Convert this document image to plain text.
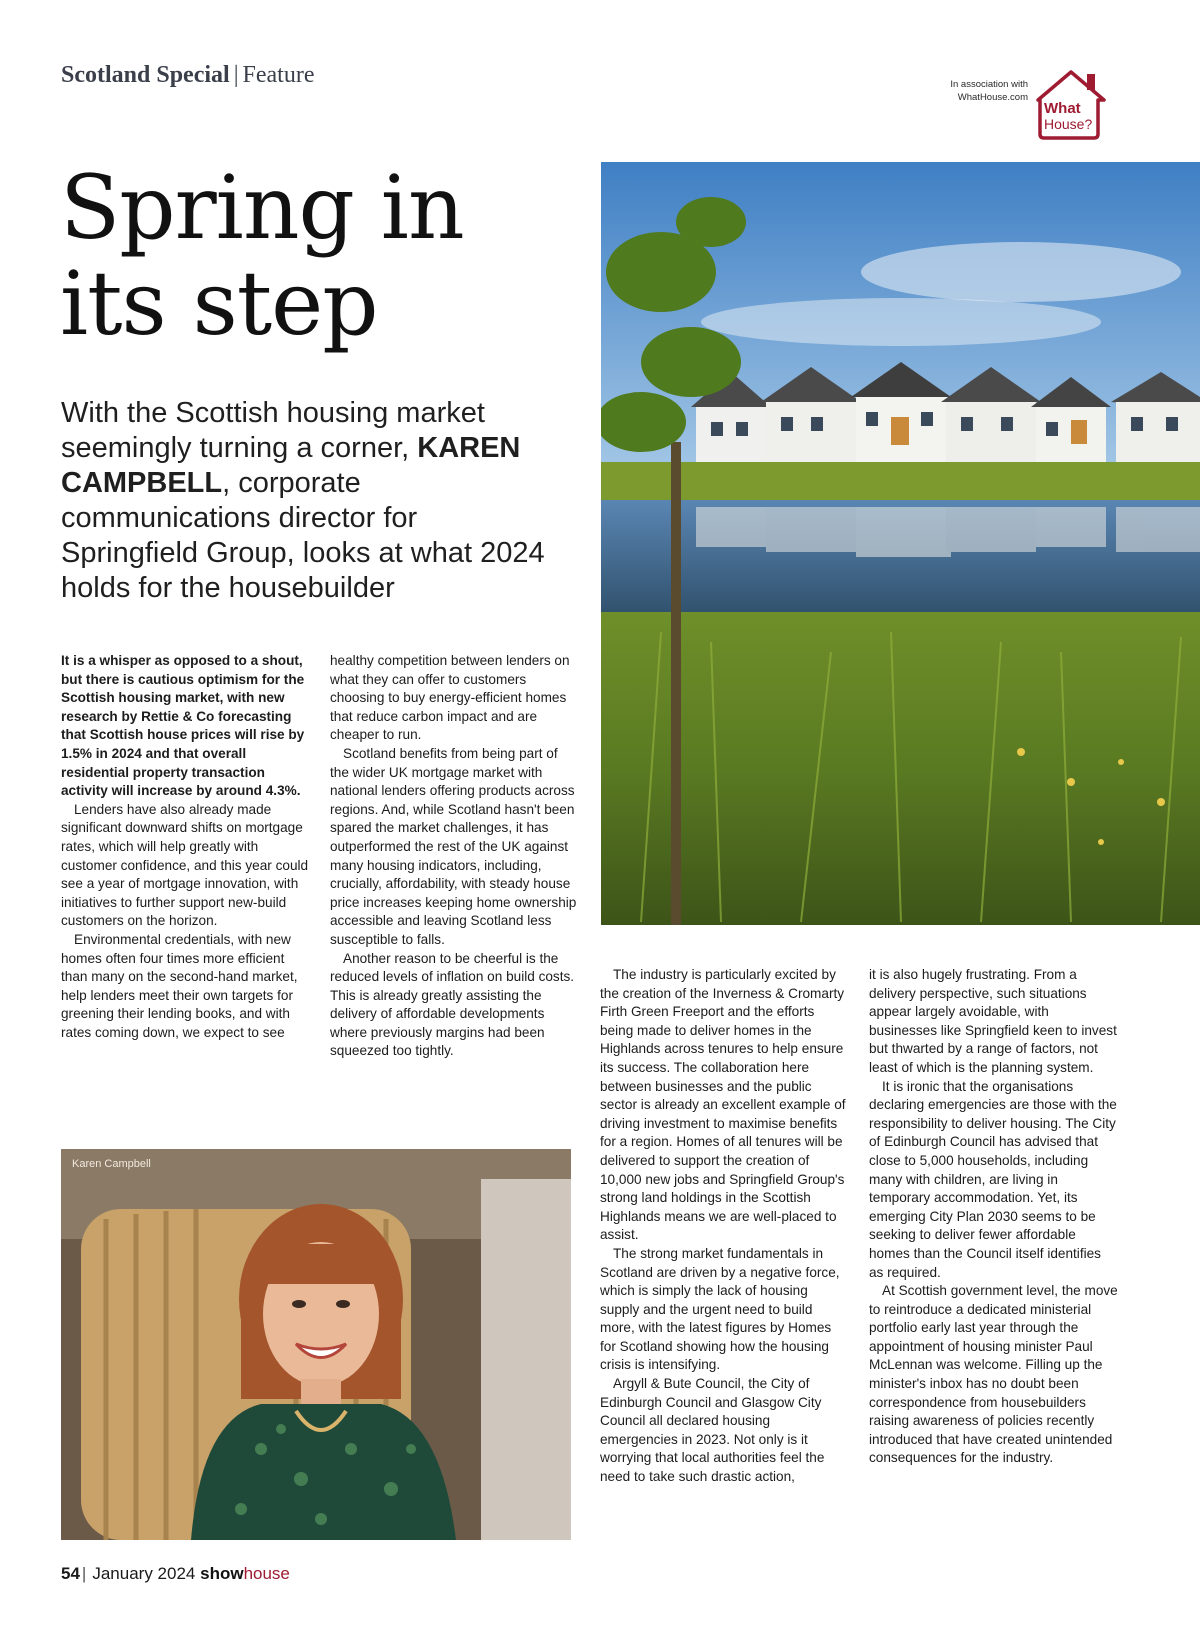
Scotland Special | Feature	In association with
WhatHouse.com
What
House?
Spring in
its step
With the Scottish housing market seemingly turning a corner, KAREN CAMPBELL, corporate communications director for Springfield Group, looks at what 2024 holds for the housebuilder

It is a whisper as opposed to a shout, but there is cautious optimism for the Scottish housing market, with new research by Rettie & Co forecasting that Scottish house prices will rise by 1.5% in 2024 and that overall residential property transaction activity will increase by around 4.3%.

Lenders have also already made significant downward shifts on mortgage rates, which will help greatly with customer confidence, and this year could see a year of mortgage innovation, with initiatives to further support new-build customers on the horizon.

Environmental credentials, with new homes often four times more efficient than many on the second-hand market, help lenders meet their own targets for greening their lending books, and with rates coming down, we expect to see

healthy competition between lenders on what they can offer to customers choosing to buy energy-efficient homes that reduce carbon impact and are cheaper to run.

Scotland benefits from being part of the wider UK mortgage market with national lenders offering products across regions. And, while Scotland hasn't been spared the market challenges, it has outperformed the rest of the UK against many housing indicators, including, crucially, affordability, with steady house price increases keeping home ownership accessible and leaving Scotland less susceptible to falls.

Another reason to be cheerful is the reduced levels of inflation on build costs. This is already greatly assisting the delivery of affordable developments where previously margins had been squeezed too tightly.

The industry is particularly excited by the creation of the Inverness & Cromarty Firth Green Freeport and the efforts being made to deliver homes in the Highlands across tenures to help ensure its success. The collaboration here between businesses and the public sector is already an excellent example of driving investment to maximise benefits for a region. Homes of all tenures will be delivered to support the creation of 10,000 new jobs and Springfield Group's strong land holdings in the Scottish Highlands means we are well-placed to assist.

The strong market fundamentals in Scotland are driven by a negative force, which is simply the lack of housing supply and the urgent need to build more, with the latest figures by Homes for Scotland showing how the housing crisis is intensifying.

Argyll & Bute Council, the City of Edinburgh Council and Glasgow City Council all declared housing emergencies in 2023. Not only is it worrying that local authorities feel the need to take such drastic action,

it is also hugely frustrating. From a delivery perspective, such situations appear largely avoidable, with businesses like Springfield keen to invest but thwarted by a range of factors, not least of which is the planning system.

It is ironic that the organisations declaring emergencies are those with the responsibility to deliver housing. The City of Edinburgh Council has advised that close to 5,000 households, including many with children, are living in temporary accommodation. Yet, its emerging City Plan 2030 seems to be seeking to deliver fewer affordable homes than the Council itself identifies as required.

At Scottish government level, the move to reintroduce a dedicated ministerial portfolio early last year through the appointment of housing minister Paul McLennan was welcome. Filling up the minister's inbox has no doubt been correspondence from housebuilders raising awareness of policies recently introduced that have created unintended consequences for the industry.

Karen Campbell
54 | January 2024 showhouse
